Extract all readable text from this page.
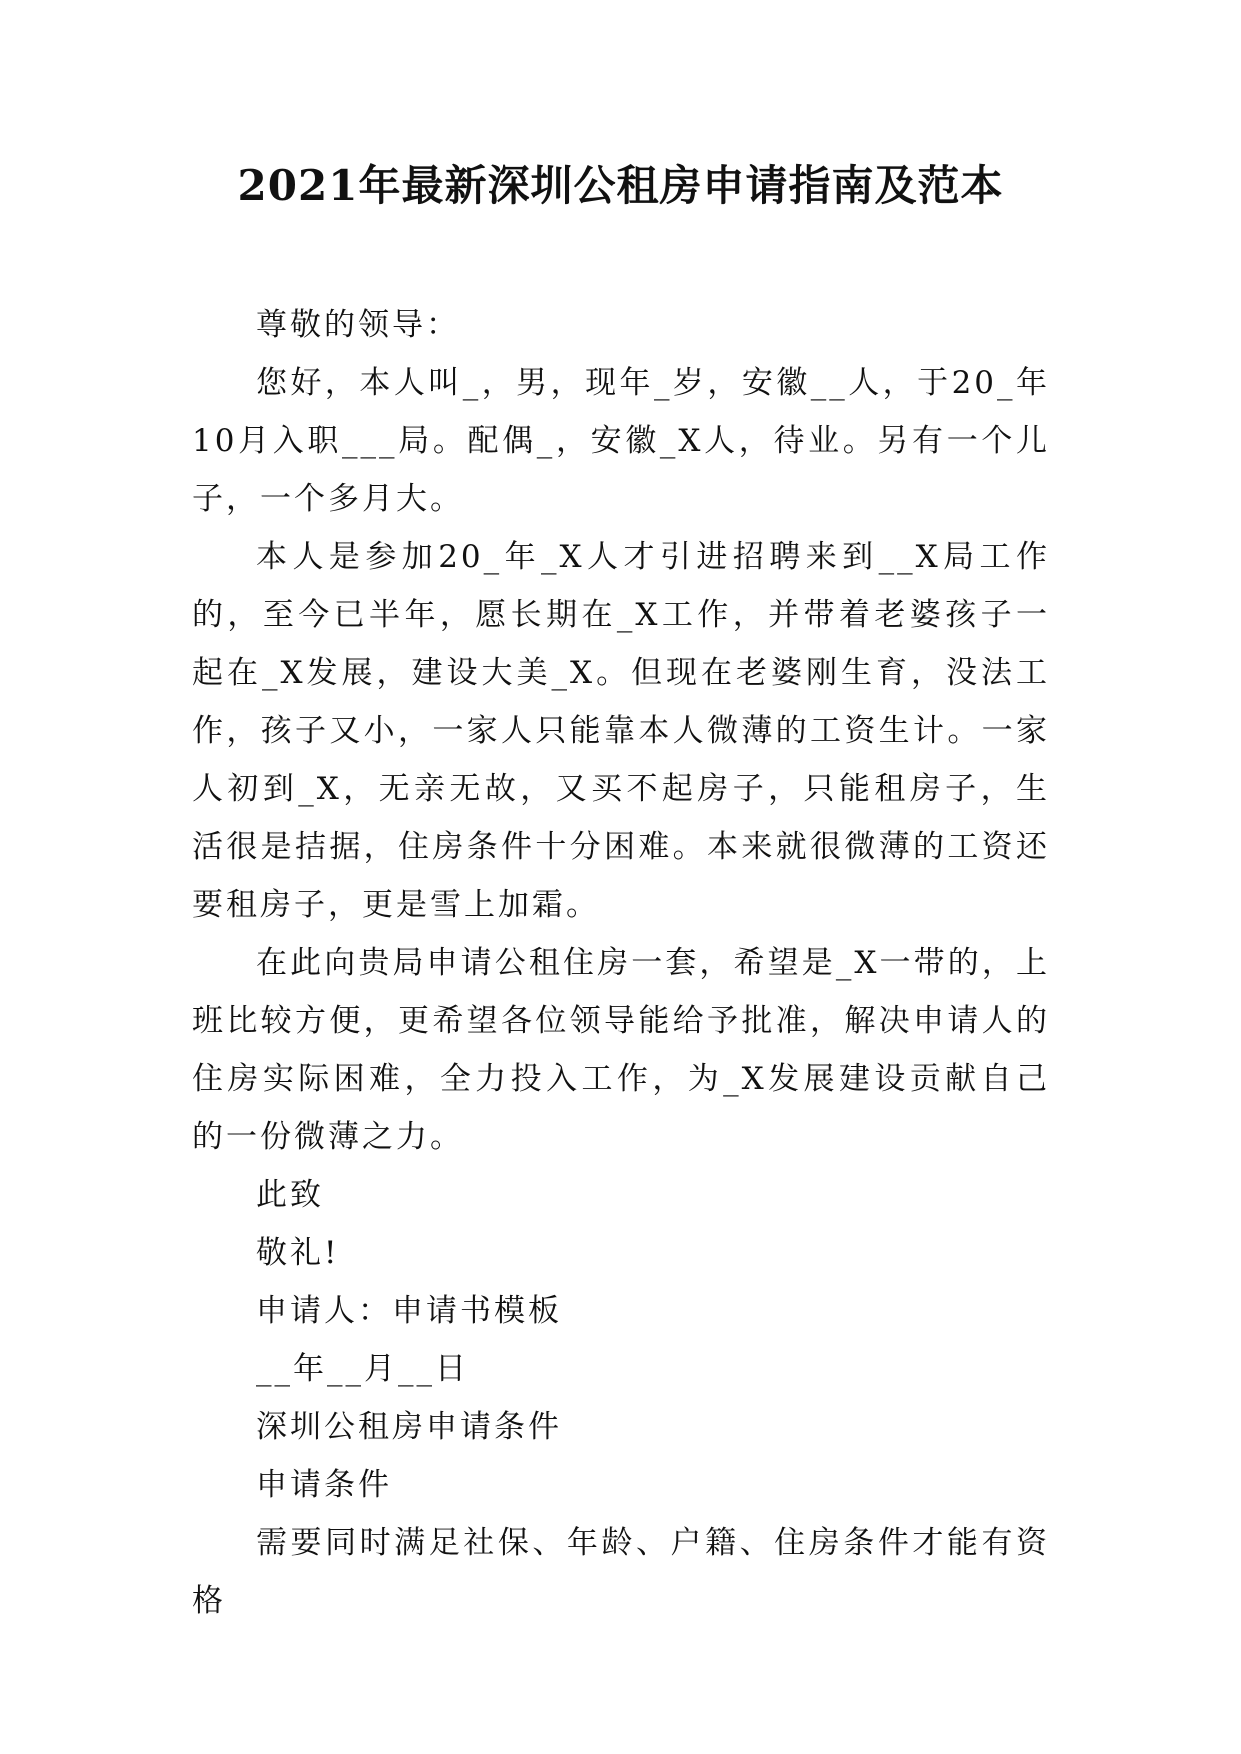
2021年最新深圳公租房申请指南及范本

尊敬的领导：

您好，本人叫_，男，现年_岁，安徽__人，于20_年10月入职___局。配偶_，安徽_X人，待业。另有一个儿子，一个多月大。

本人是参加20_年_X人才引进招聘来到__X局工作的，至今已半年，愿长期在_X工作，并带着老婆孩子一起在_X发展，建设大美_X。但现在老婆刚生育，没法工作，孩子又小，一家人只能靠本人微薄的工资生计。一家人初到_X，无亲无故，又买不起房子，只能租房子，生活很是拮据，住房条件十分困难。本来就很微薄的工资还要租房子，更是雪上加霜。

在此向贵局申请公租住房一套，希望是_X一带的，上班比较方便，更希望各位领导能给予批准，解决申请人的住房实际困难，全力投入工作，为_X发展建设贡献自己的一份微薄之力。

此致

敬礼!

申请人：申请书模板

__年__月__日

深圳公租房申请条件

申请条件

需要同时满足社保、年龄、户籍、住房条件才能有资格
